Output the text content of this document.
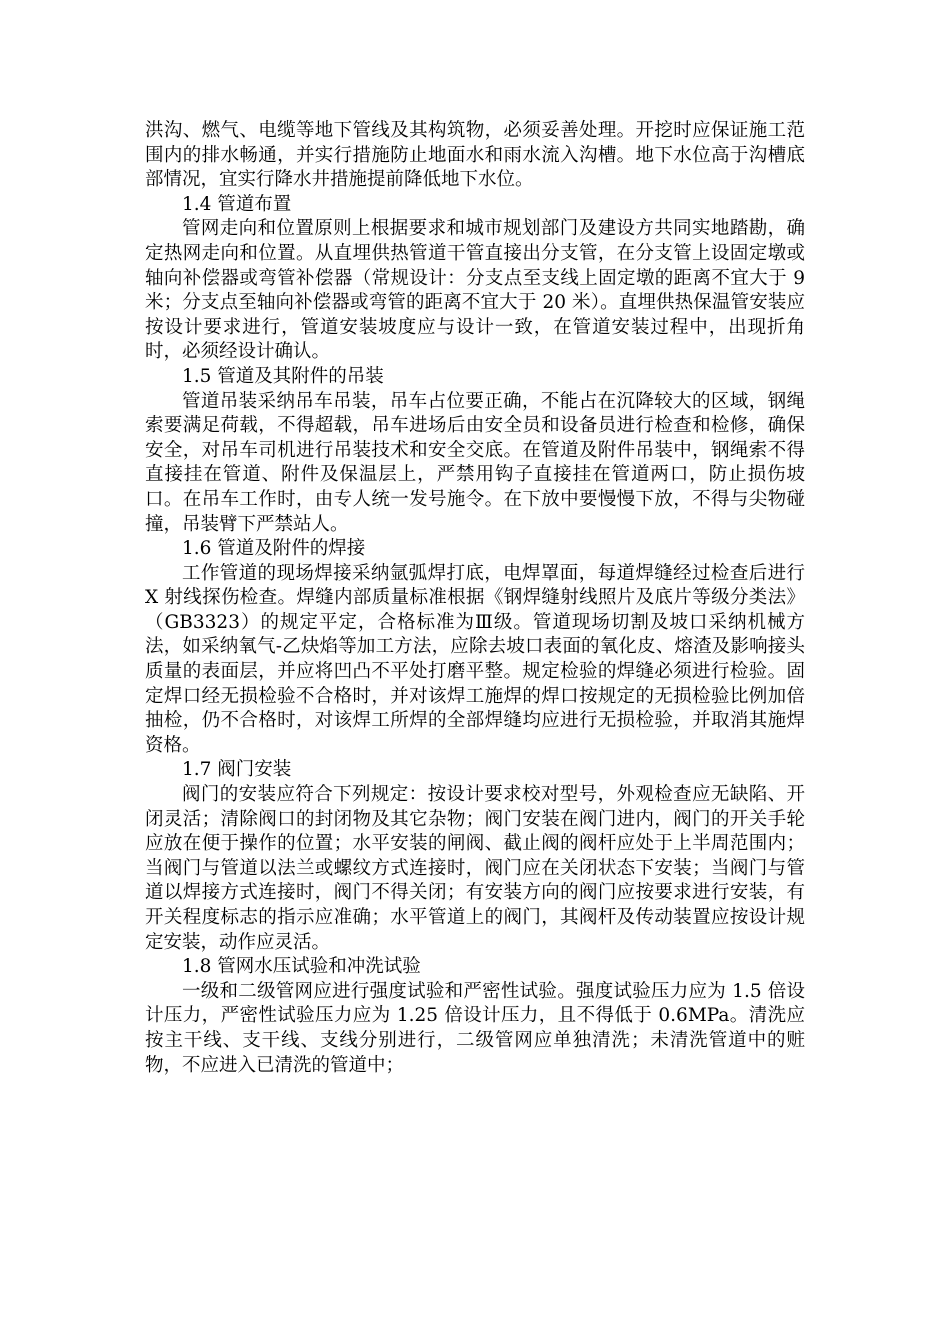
洪沟、燃气、电缆等地下管线及其构筑物，必须妥善处理。开挖时应保证施工范围内的排水畅通，并实行措施防止地面水和雨水流入沟槽。地下水位高于沟槽底部情况，宜实行降水井措施提前降低地下水位。

1.4 管道布置

管网走向和位置原则上根据要求和城市规划部门及建设方共同实地踏勘，确定热网走向和位置。从直埋供热管道干管直接出分支管，在分支管上设固定墩或轴向补偿器或弯管补偿器（常规设计：分支点至支线上固定墩的距离不宜大于 9 米；分支点至轴向补偿器或弯管的距离不宜大于 20 米）。直埋供热保温管安装应按设计要求进行，管道安装坡度应与设计一致，在管道安装过程中，出现折角时，必须经设计确认。

1.5 管道及其附件的吊装

管道吊装采纳吊车吊装，吊车占位要正确，不能占在沉降较大的区域，钢绳索要满足荷载，不得超载，吊车进场后由安全员和设备员进行检查和检修，确保安全，对吊车司机进行吊装技术和安全交底。在管道及附件吊装中，钢绳索不得直接挂在管道、附件及保温层上，严禁用钩子直接挂在管道两口，防止损伤坡口。在吊车工作时，由专人统一发号施令。在下放中要慢慢下放，不得与尖物碰撞，吊装臂下严禁站人。

1.6 管道及附件的焊接

工作管道的现场焊接采纳氩弧焊打底，电焊罩面，每道焊缝经过检查后进行 X 射线探伤检查。焊缝内部质量标准根据《钢焊缝射线照片及底片等级分类法》（GB3323）的规定平定，合格标准为Ⅲ级。管道现场切割及坡口采纳机械方法，如采纳氧气-乙炔焰等加工方法，应除去坡口表面的氧化皮、熔渣及影响接头质量的表面层，并应将凹凸不平处打磨平整。规定检验的焊缝必须进行检验。固定焊口经无损检验不合格时，并对该焊工施焊的焊口按规定的无损检验比例加倍抽检，仍不合格时，对该焊工所焊的全部焊缝均应进行无损检验，并取消其施焊资格。

1.7 阀门安装

阀门的安装应符合下列规定：按设计要求校对型号，外观检查应无缺陷、开闭灵活；清除阀口的封闭物及其它杂物；阀门安装在阀门进内，阀门的开关手轮应放在便于操作的位置；水平安装的闸阀、截止阀的阀杆应处于上半周范围内；当阀门与管道以法兰或螺纹方式连接时，阀门应在关闭状态下安装；当阀门与管道以焊接方式连接时，阀门不得关闭；有安装方向的阀门应按要求进行安装，有开关程度标志的指示应准确；水平管道上的阀门，其阀杆及传动装置应按设计规定安装，动作应灵活。

1.8 管网水压试验和冲洗试验

一级和二级管网应进行强度试验和严密性试验。强度试验压力应为 1.5 倍设计压力，严密性试验压力应为 1.25 倍设计压力，且不得低于 0.6MPa。清洗应按主干线、支干线、支线分别进行，二级管网应单独清洗；未清洗管道中的赃物，不应进入已清洗的管道中；
